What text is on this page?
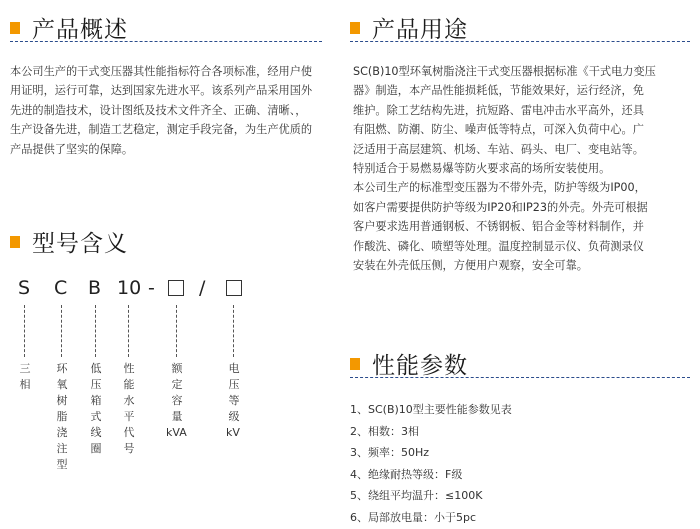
产品概述

本公司生产的干式变压器其性能指标符合各项标准，经用户使

用证明，运行可靠，达到国家先进水平。该系列产品采用国外

先进的制造技术，设计图纸及技术文件齐全、正确、清晰、，

生产设备先进，制造工艺稳定，测定手段完备，为生产优质的

产品提供了坚实的保障。

产品用途

SC(B)10型环氧树脂浇注干式变压器根据标准《干式电力变压

器》制造，本产品性能损耗低，节能效果好，运行经济，免

维护。除工艺结构先进，抗短路、雷电冲击水平高外，还具

有阻燃、防潮、防尘、噪声低等特点，可深入负荷中心。广

泛适用于高层建筑、机场、车站、码头、电厂、变电站等。

特别适合于易燃易爆等防火要求高的场所安装使用。

本公司生产的标准型变压器为不带外壳，防护等级为IP00，

如客户需要提供防护等级为IP20和IP23的外壳。外壳可根据

客户要求选用普通钢板、不锈钢板、铝合金等材料制作，并

作酸洗、磷化、喷塑等处理。温度控制显示仪、负荷测录仪

安装在外壳低压侧，方便用户观察，安全可靠。

型号含义
S C B 10 - /
三相
环氧树脂浇注型
低压箱式线圈
性能水平代号
额定容量
kVA
电压等级
kV
性能参数
1、SC(B)10型主要性能参数见表
2、相数：3相
3、频率：50Hz
4、绝缘耐热等级：F级
5、绕组平均温升：≤100K
6、局部放电量：小于5pc
